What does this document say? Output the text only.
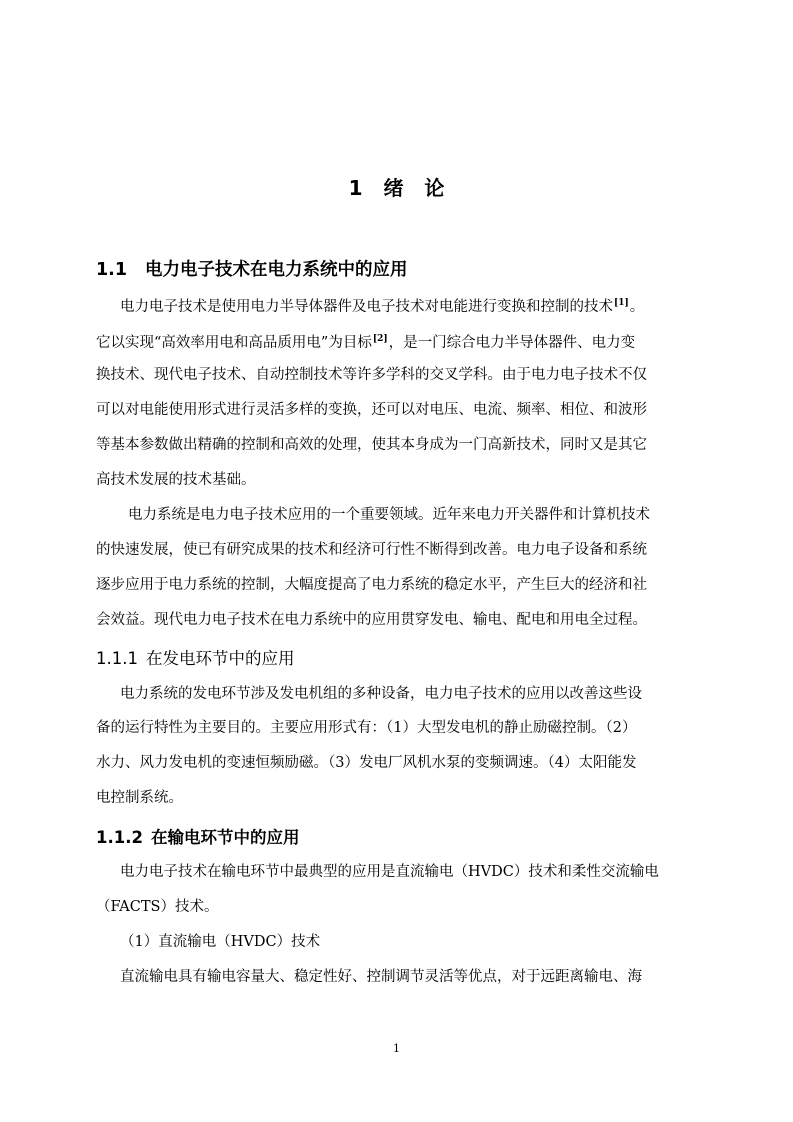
1 绪 论
1.1 电力电子技术在电力系统中的应用
电力电子技术是使用电力半导体器件及电子技术对电能进行变换和控制的技术[1]。
它以实现“高效率用电和高品质用电”为目标[2]，是一门综合电力半导体器件、电力变
换技术、现代电子技术、自动控制技术等许多学科的交叉学科。由于电力电子技术不仅
可以对电能使用形式进行灵活多样的变换，还可以对电压、电流、频率、相位、和波形
等基本参数做出精确的控制和高效的处理，使其本身成为一门高新技术，同时又是其它
高技术发展的技术基础。
电力系统是电力电子技术应用的一个重要领域。近年来电力开关器件和计算机技术
的快速发展，使已有研究成果的技术和经济可行性不断得到改善。电力电子设备和系统
逐步应用于电力系统的控制，大幅度提高了电力系统的稳定水平，产生巨大的经济和社
会效益。现代电力电子技术在电力系统中的应用贯穿发电、输电、配电和用电全过程。
1.1.1 在发电环节中的应用
电力系统的发电环节涉及发电机组的多种设备，电力电子技术的应用以改善这些设
备的运行特性为主要目的。主要应用形式有：（1）大型发电机的静止励磁控制。（2）
水力、风力发电机的变速恒频励磁。（3）发电厂风机水泵的变频调速。（4）太阳能发
电控制系统。
1.1.2 在输电环节中的应用
电力电子技术在输电环节中最典型的应用是直流输电（HVDC）技术和柔性交流输电
（FACTS）技术。
（1）直流输电（HVDC）技术
直流输电具有输电容量大、稳定性好、控制调节灵活等优点，对于远距离输电、海
1
